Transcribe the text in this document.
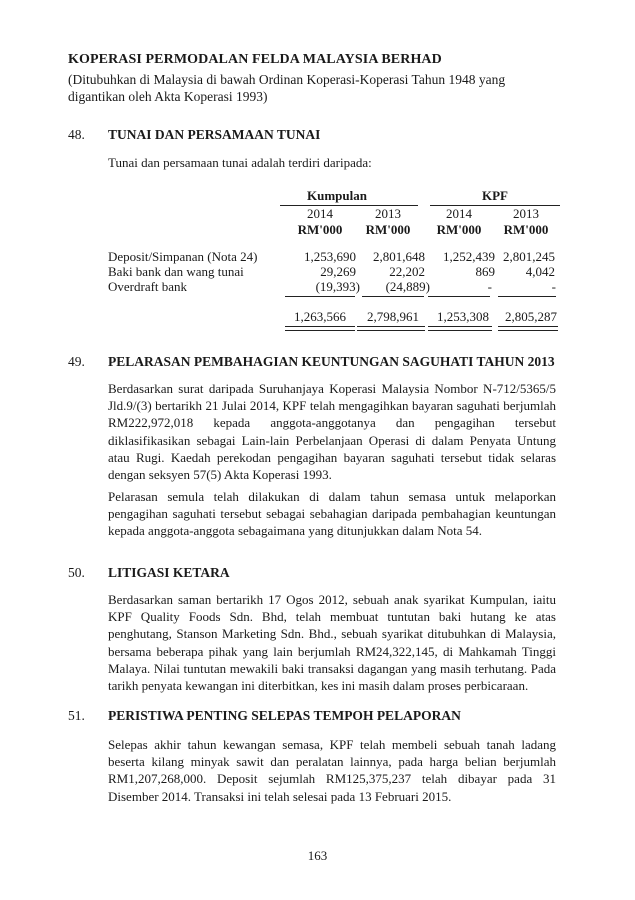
KOPERASI PERMODALAN FELDA MALAYSIA BERHAD
(Ditubuhkan di Malaysia di bawah Ordinan Koperasi-Koperasi Tahun 1948 yang digantikan oleh Akta Koperasi 1993)
48. TUNAI DAN PERSAMAAN TUNAI
Tunai dan persamaan tunai adalah terdiri daripada:
Kumpulan	KPF
2014	2013	2014	2013
RM'000	RM'000	RM'000	RM'000
Deposit/Simpanan (Nota 24)	1,253,690	2,801,648	1,252,439 2,801,245
Baki bank dan wang tunai	29,269	22,202	869	4,042
Overdraft bank	(19,393)	(24,889)	-	-
1,263,566	2,798,961	1,253,308	2,805,287
49. PELARASAN PEMBAHAGIAN KEUNTUNGAN SAGUHATI TAHUN 2013
Berdasarkan surat daripada Suruhanjaya Koperasi Malaysia Nombor N-712/5365/5 Jld.9/(3) bertarikh 21 Julai 2014, KPF telah mengagihkan bayaran saguhati berjumlah RM222,972,018 kepada anggota-anggotanya dan pengagihan tersebut diklasifikasikan sebagai Lain-lain Perbelanjaan Operasi di dalam Penyata Untung atau Rugi. Kaedah perekodan pengagihan bayaran saguhati tersebut tidak selaras dengan seksyen 57(5) Akta Koperasi 1993.
Pelarasan semula telah dilakukan di dalam tahun semasa untuk melaporkan pengagihan saguhati tersebut sebagai sebahagian daripada pembahagian keuntungan kepada anggota-anggota sebagaimana yang ditunjukkan dalam Nota 54.
50. LITIGASI KETARA
Berdasarkan saman bertarikh 17 Ogos 2012, sebuah anak syarikat Kumpulan, iaitu KPF Quality Foods Sdn. Bhd, telah membuat tuntutan baki hutang ke atas penghutang, Stanson Marketing Sdn. Bhd., sebuah syarikat ditubuhkan di Malaysia, bersama beberapa pihak yang lain berjumlah RM24,322,145, di Mahkamah Tinggi Malaya. Nilai tuntutan mewakili baki transaksi dagangan yang masih terhutang. Pada tarikh penyata kewangan ini diterbitkan, kes ini masih dalam proses perbicaraan.
51. PERISTIWA PENTING SELEPAS TEMPOH PELAPORAN
Selepas akhir tahun kewangan semasa, KPF telah membeli sebuah tanah ladang beserta kilang minyak sawit dan peralatan lainnya, pada harga belian berjumlah RM1,207,268,000. Deposit sejumlah RM125,375,237 telah dibayar pada 31 Disember 2014. Transaksi ini telah selesai pada 13 Februari 2015.
163
